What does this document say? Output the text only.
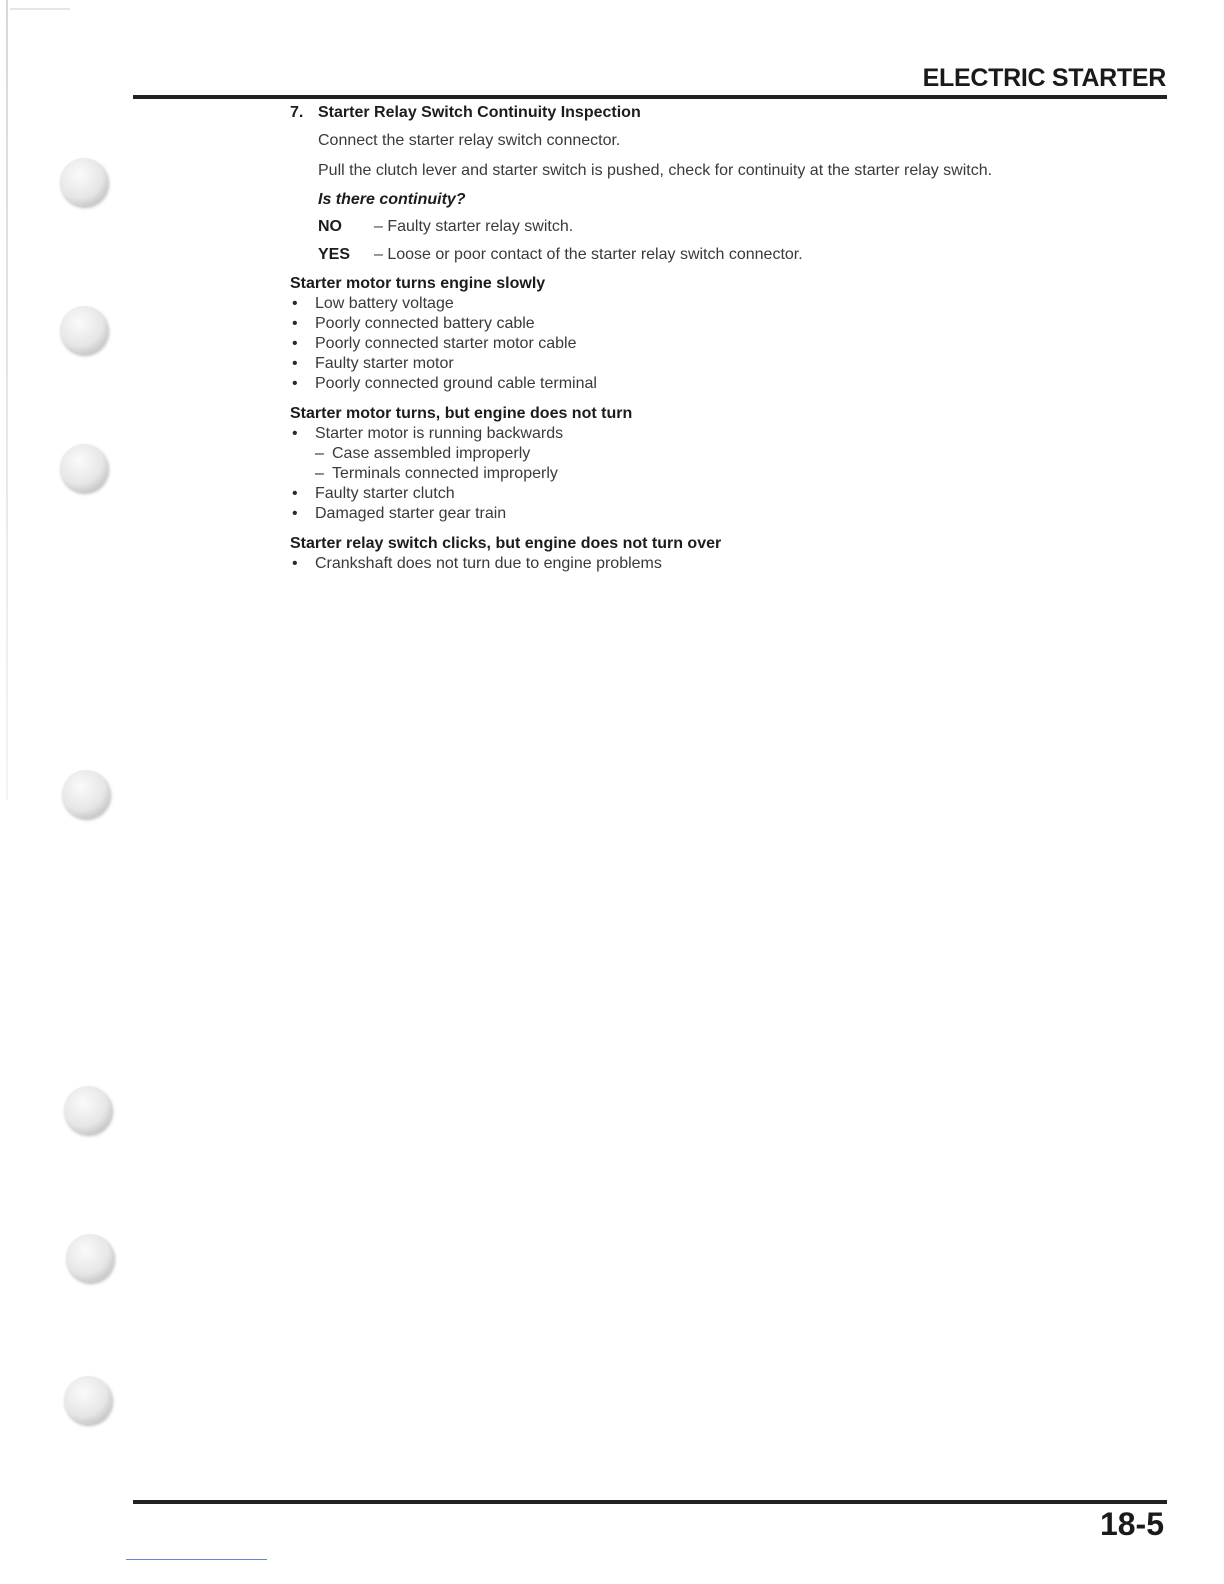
ELECTRIC STARTER
7. Starter Relay Switch Continuity Inspection
Connect the starter relay switch connector.
Pull the clutch lever and starter switch is pushed, check for continuity at the starter relay switch.
Is there continuity?
NO	– Faulty starter relay switch.
YES	– Loose or poor contact of the starter relay switch connector.
Starter motor turns engine slowly
• Low battery voltage
• Poorly connected battery cable
• Poorly connected starter motor cable
• Faulty starter motor
• Poorly connected ground cable terminal
Starter motor turns, but engine does not turn
• Starter motor is running backwards
– Case assembled improperly
– Terminals connected improperly
• Faulty starter clutch
• Damaged starter gear train
Starter relay switch clicks, but engine does not turn over
• Crankshaft does not turn due to engine problems
18-5
